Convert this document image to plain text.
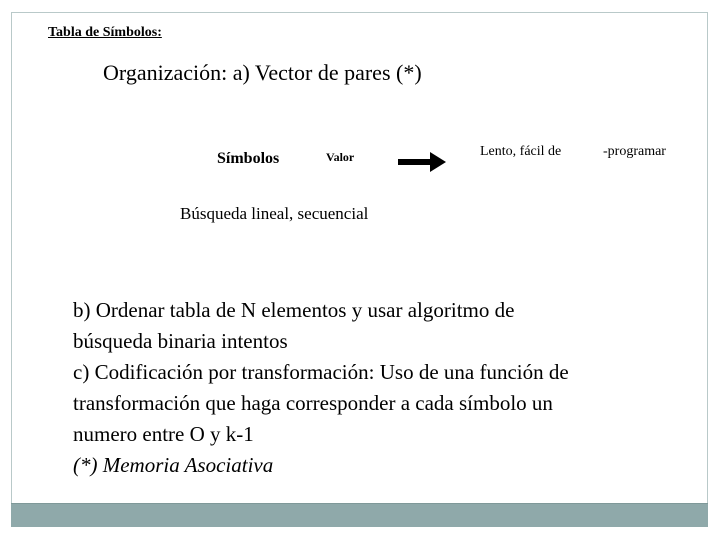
Tabla de Símbolos:
Organización: a) Vector de pares (*)
Símbolos	Valor	Lento, fácil de	-programar
Búsqueda lineal, secuencial
b) Ordenar tabla de N elementos y usar algoritmo de
búsqueda binaria intentos
c) Codificación por transformación: Uso de una función de
transformación que haga corresponder a cada símbolo un
numero entre O y k-1
(*) Memoria Asociativa
